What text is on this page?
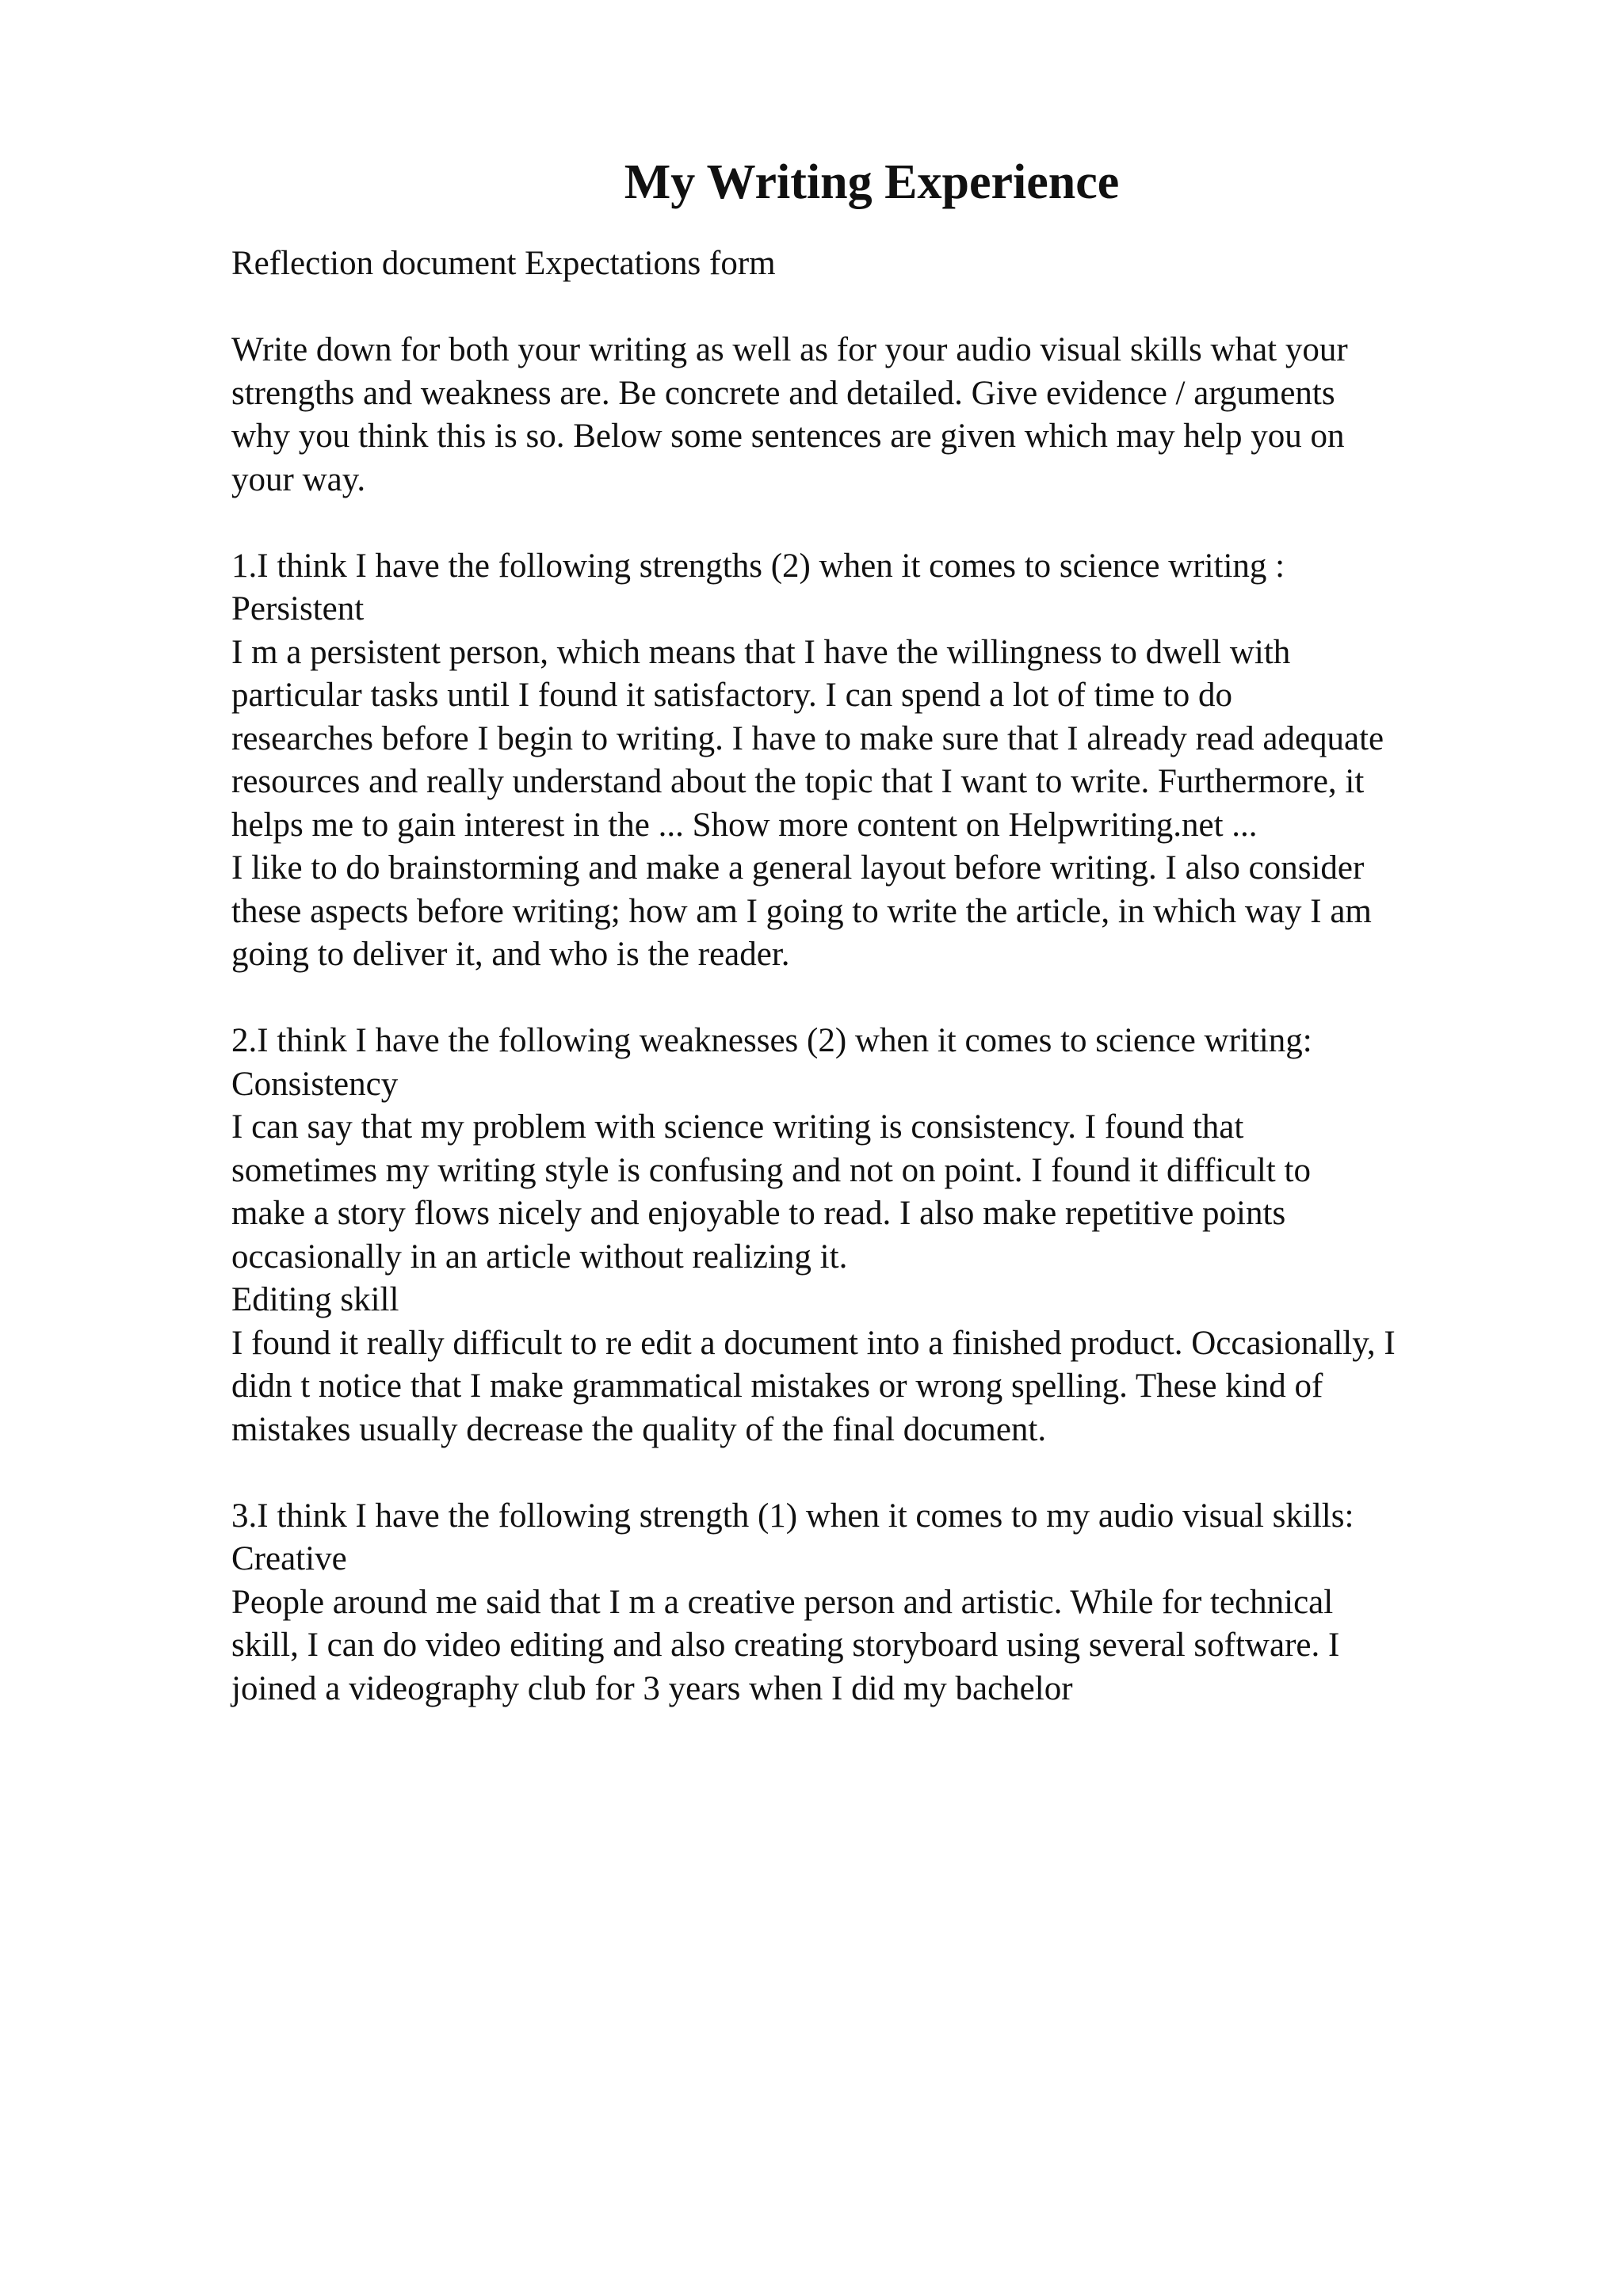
My Writing Experience
Reflection document Expectations form
Write down for both your writing as well as for your audio visual skills what your
strengths and weakness are. Be concrete and detailed. Give evidence / arguments
why you think this is so. Below some sentences are given which may help you on
your way.
1.I think I have the following strengths (2) when it comes to science writing :
Persistent
I m a persistent person, which means that I have the willingness to dwell with
particular tasks until I found it satisfactory. I can spend a lot of time to do
researches before I begin to writing. I have to make sure that I already read adequate
resources and really understand about the topic that I want to write. Furthermore, it
helps me to gain interest in the ... Show more content on Helpwriting.net ...
I like to do brainstorming and make a general layout before writing. I also consider
these aspects before writing; how am I going to write the article, in which way I am
going to deliver it, and who is the reader.
2.I think I have the following weaknesses (2) when it comes to science writing:
Consistency
I can say that my problem with science writing is consistency. I found that
sometimes my writing style is confusing and not on point. I found it difficult to
make a story flows nicely and enjoyable to read. I also make repetitive points
occasionally in an article without realizing it.
Editing skill
I found it really difficult to re edit a document into a finished product. Occasionally, I
didn t notice that I make grammatical mistakes or wrong spelling. These kind of
mistakes usually decrease the quality of the final document.
3.I think I have the following strength (1) when it comes to my audio visual skills:
Creative
People around me said that I m a creative person and artistic. While for technical
skill, I can do video editing and also creating storyboard using several software. I
joined a videography club for 3 years when I did my bachelor
